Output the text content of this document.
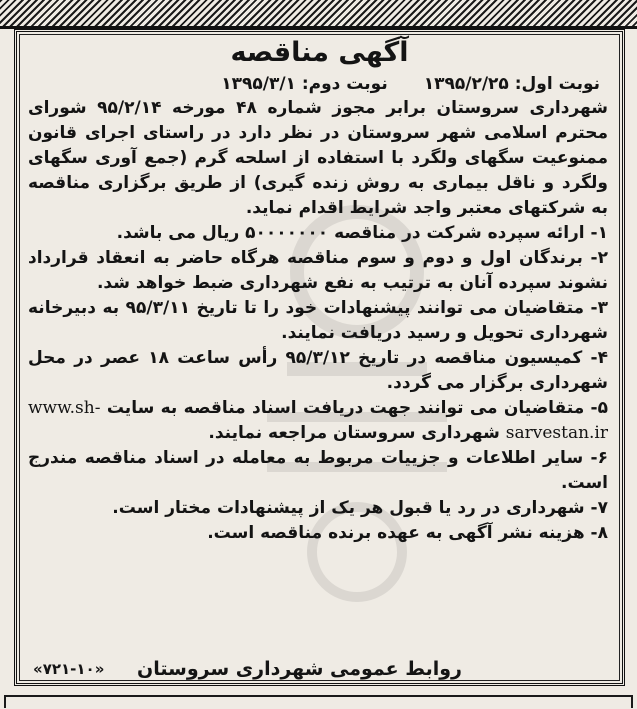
آگهی مناقصه
نوبت اول: ۱۳۹۵/۲/۲۵
نوبت دوم: ۱۳۹۵/۳/۱

شهرداری سروستان برابر مجوز شماره ۴۸ مورخه ۹۵/۲/۱۴ شورای محترم اسلامی شهر سروستان در نظر دارد در راستای اجرای قانون ممنوعیت سگهای ولگرد با استفاده از اسلحه گرم (جمع آوری سگهای ولگرد و ناقل بیماری به روش زنده گیری) از طریق برگزاری مناقصه به شرکتهای معتبر واجد شرایط اقدام نماید.

۱- ارائه سپرده شرکت در مناقصه ۵۰۰۰۰۰۰۰ ریال می باشد.

۲- برندگان اول و دوم و سوم مناقصه هرگاه حاضر به انعقاد قرارداد نشوند سپرده آنان به ترتیب به نفع شهرداری ضبط خواهد شد.

۳- متقاضیان می توانند پیشنهادات خود را تا تاریخ ۹۵/۳/۱۱ به دبیرخانه شهرداری تحویل و رسید دریافت نمایند.

۴- کمیسیون مناقصه در تاریخ ۹۵/۳/۱۲ رأس ساعت ۱۸ عصر در محل شهرداری برگزار می گردد.

۵- متقاضیان می توانند جهت دریافت اسناد مناقصه به سایت www.sh-sarvestan.ir شهرداری سروستان مراجعه نمایند.

۶- سایر اطلاعات و جزییات مربوط به معامله در اسناد مناقصه مندرج است.

۷- شهرداری در رد یا قبول هر یک از پیشنهادات مختار است.

۸- هزینه نشر آگهی به عهده برنده مناقصه است.

روابط عمومی شهرداری سروستان
«۷۲۱-۱۰»
